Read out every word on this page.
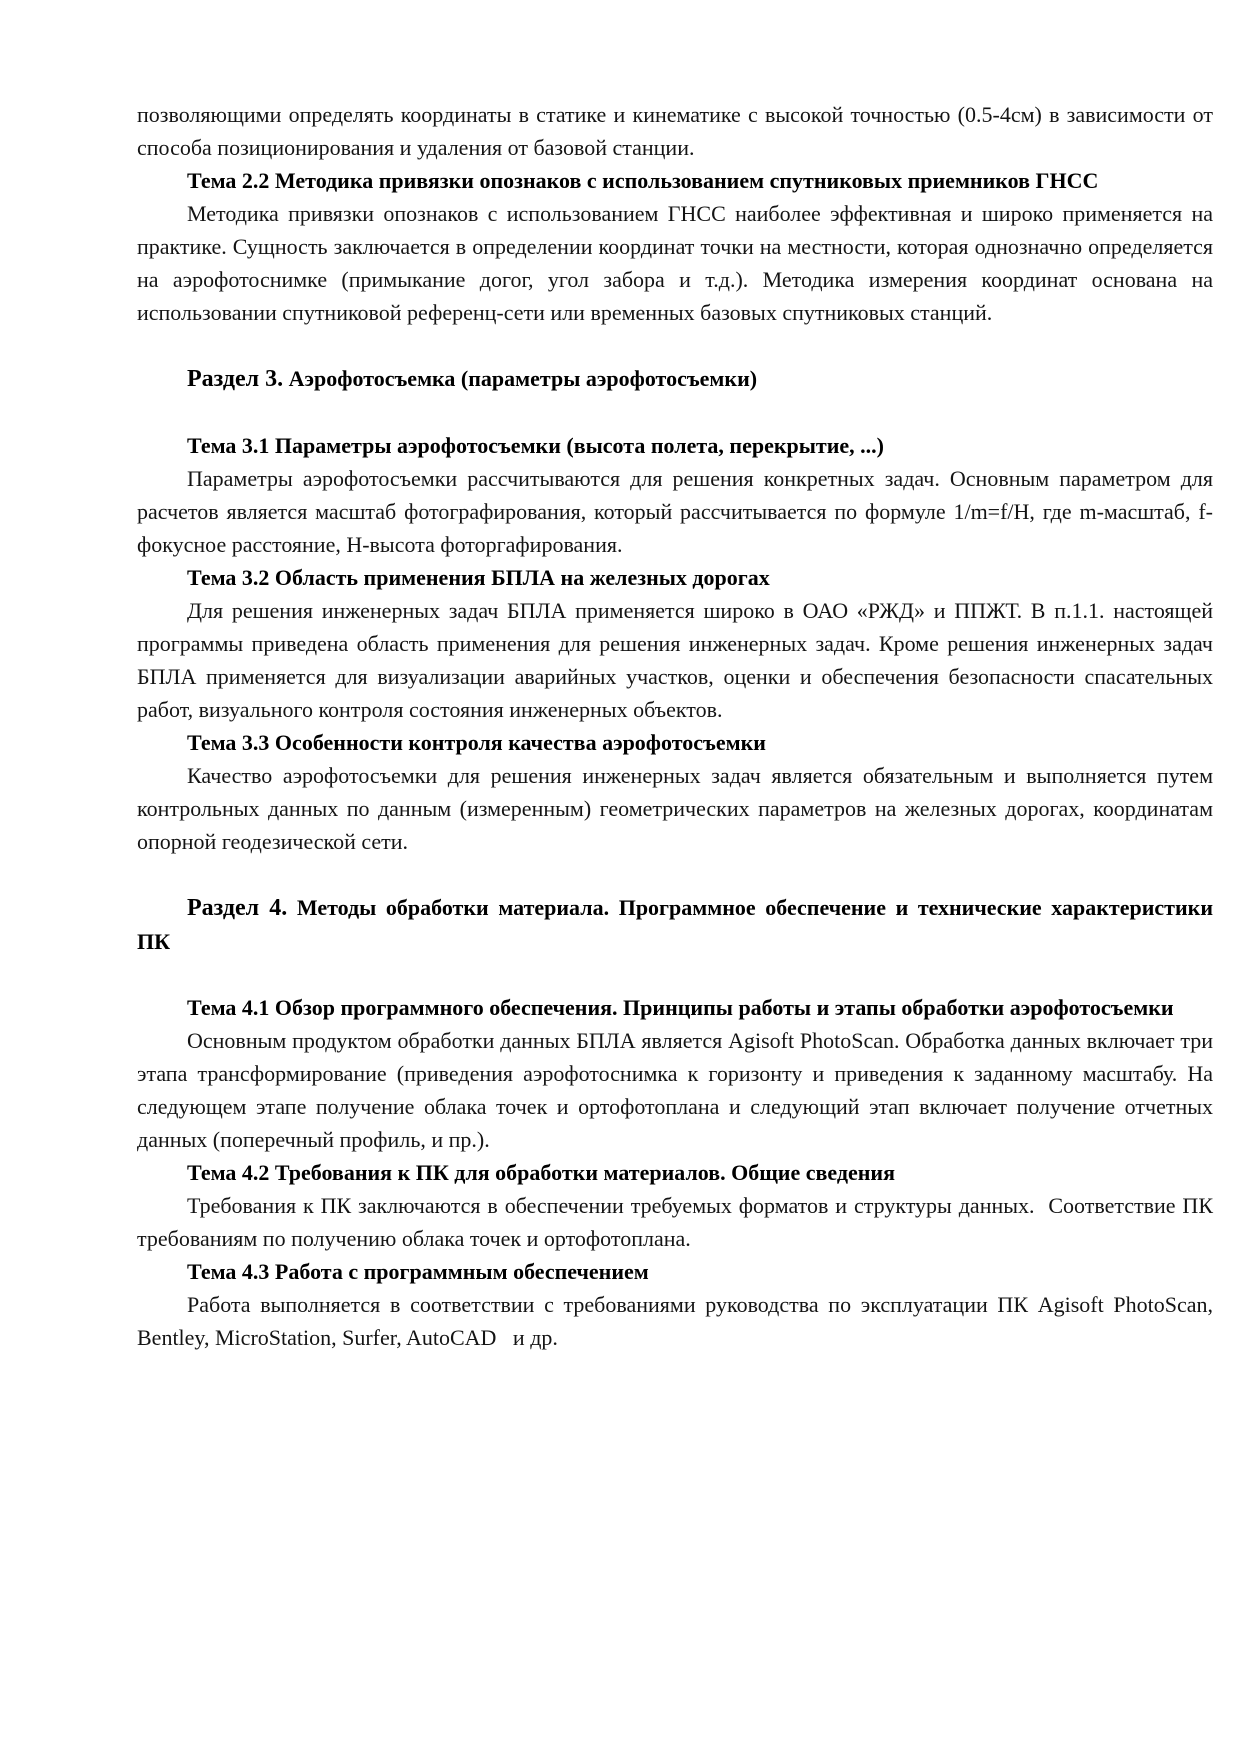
позволяющими определять координаты в статике и кинематике с высокой точностью (0.5-4см) в зависимости от способа позиционирования и удаления от базовой станции.

Тема 2.2 Методика привязки опознаков с использованием спутниковых приемников ГНСС

Методика привязки опознаков с использованием ГНСС наиболее эффективная и широко применяется на практике. Сущность заключается в определении координат точки на местности, которая однозначно определяется на аэрофотоснимке (примыкание догог, угол забора и т.д.). Методика измерения координат основана на использовании спутниковой референц-сети или временных базовых спутниковых станций.

Раздел 3. Аэрофотосъемка (параметры аэрофотосъемки)

Тема 3.1 Параметры аэрофотосъемки (высота полета, перекрытие, ...)

Параметры аэрофотосъемки рассчитываются для решения конкретных задач. Основным параметром для расчетов является масштаб фотографирования, который рассчитывается по формуле 1/m=f/H, где m-масштаб, f- фокусное расстояние, Н-высота фоторгафирования.

Тема 3.2 Область применения БПЛА на железных дорогах

Для решения инженерных задач БПЛА применяется широко в ОАО «РЖД» и ППЖТ. В п.1.1. настоящей программы приведена область применения для решения инженерных задач. Кроме решения инженерных задач БПЛА применяется для визуализации аварийных участков, оценки и обеспечения безопасности спасательных работ, визуального контроля состояния инженерных объектов.

Тема 3.3 Особенности контроля качества аэрофотосъемки

Качество аэрофотосъемки для решения инженерных задач является обязательным и выполняется путем контрольных данных по данным (измеренным) геометрических параметров на железных дорогах, координатам опорной геодезической сети.

Раздел 4. Методы обработки материала. Программное обеспечение и технические характеристики ПК

Тема 4.1 Обзор программного обеспечения. Принципы работы и этапы обработки аэрофотосъемки

Основным продуктом обработки данных БПЛА является Agisoft PhotoScan. Обработка данных включает три этапа трансформирование (приведения аэрофотоснимка к горизонту и приведения к заданному масштабу. На следующем этапе получение облака точек и ортофотоплана и следующий этап включает получение отчетных данных (поперечный профиль, и пр.).

Тема 4.2 Требования к ПК для обработки материалов. Общие сведения

Требования к ПК заключаются в обеспечении требуемых форматов и структуры данных.  Соответствие ПК требованиям по получению облака точек и ортофотоплана.

Тема 4.3 Работа с программным обеспечением

Работа выполняется в соответствии с требованиями руководства по эксплуатации ПК Agisoft PhotoScan, Bentley, MicroStation, Surfer, AutoCAD   и др.
